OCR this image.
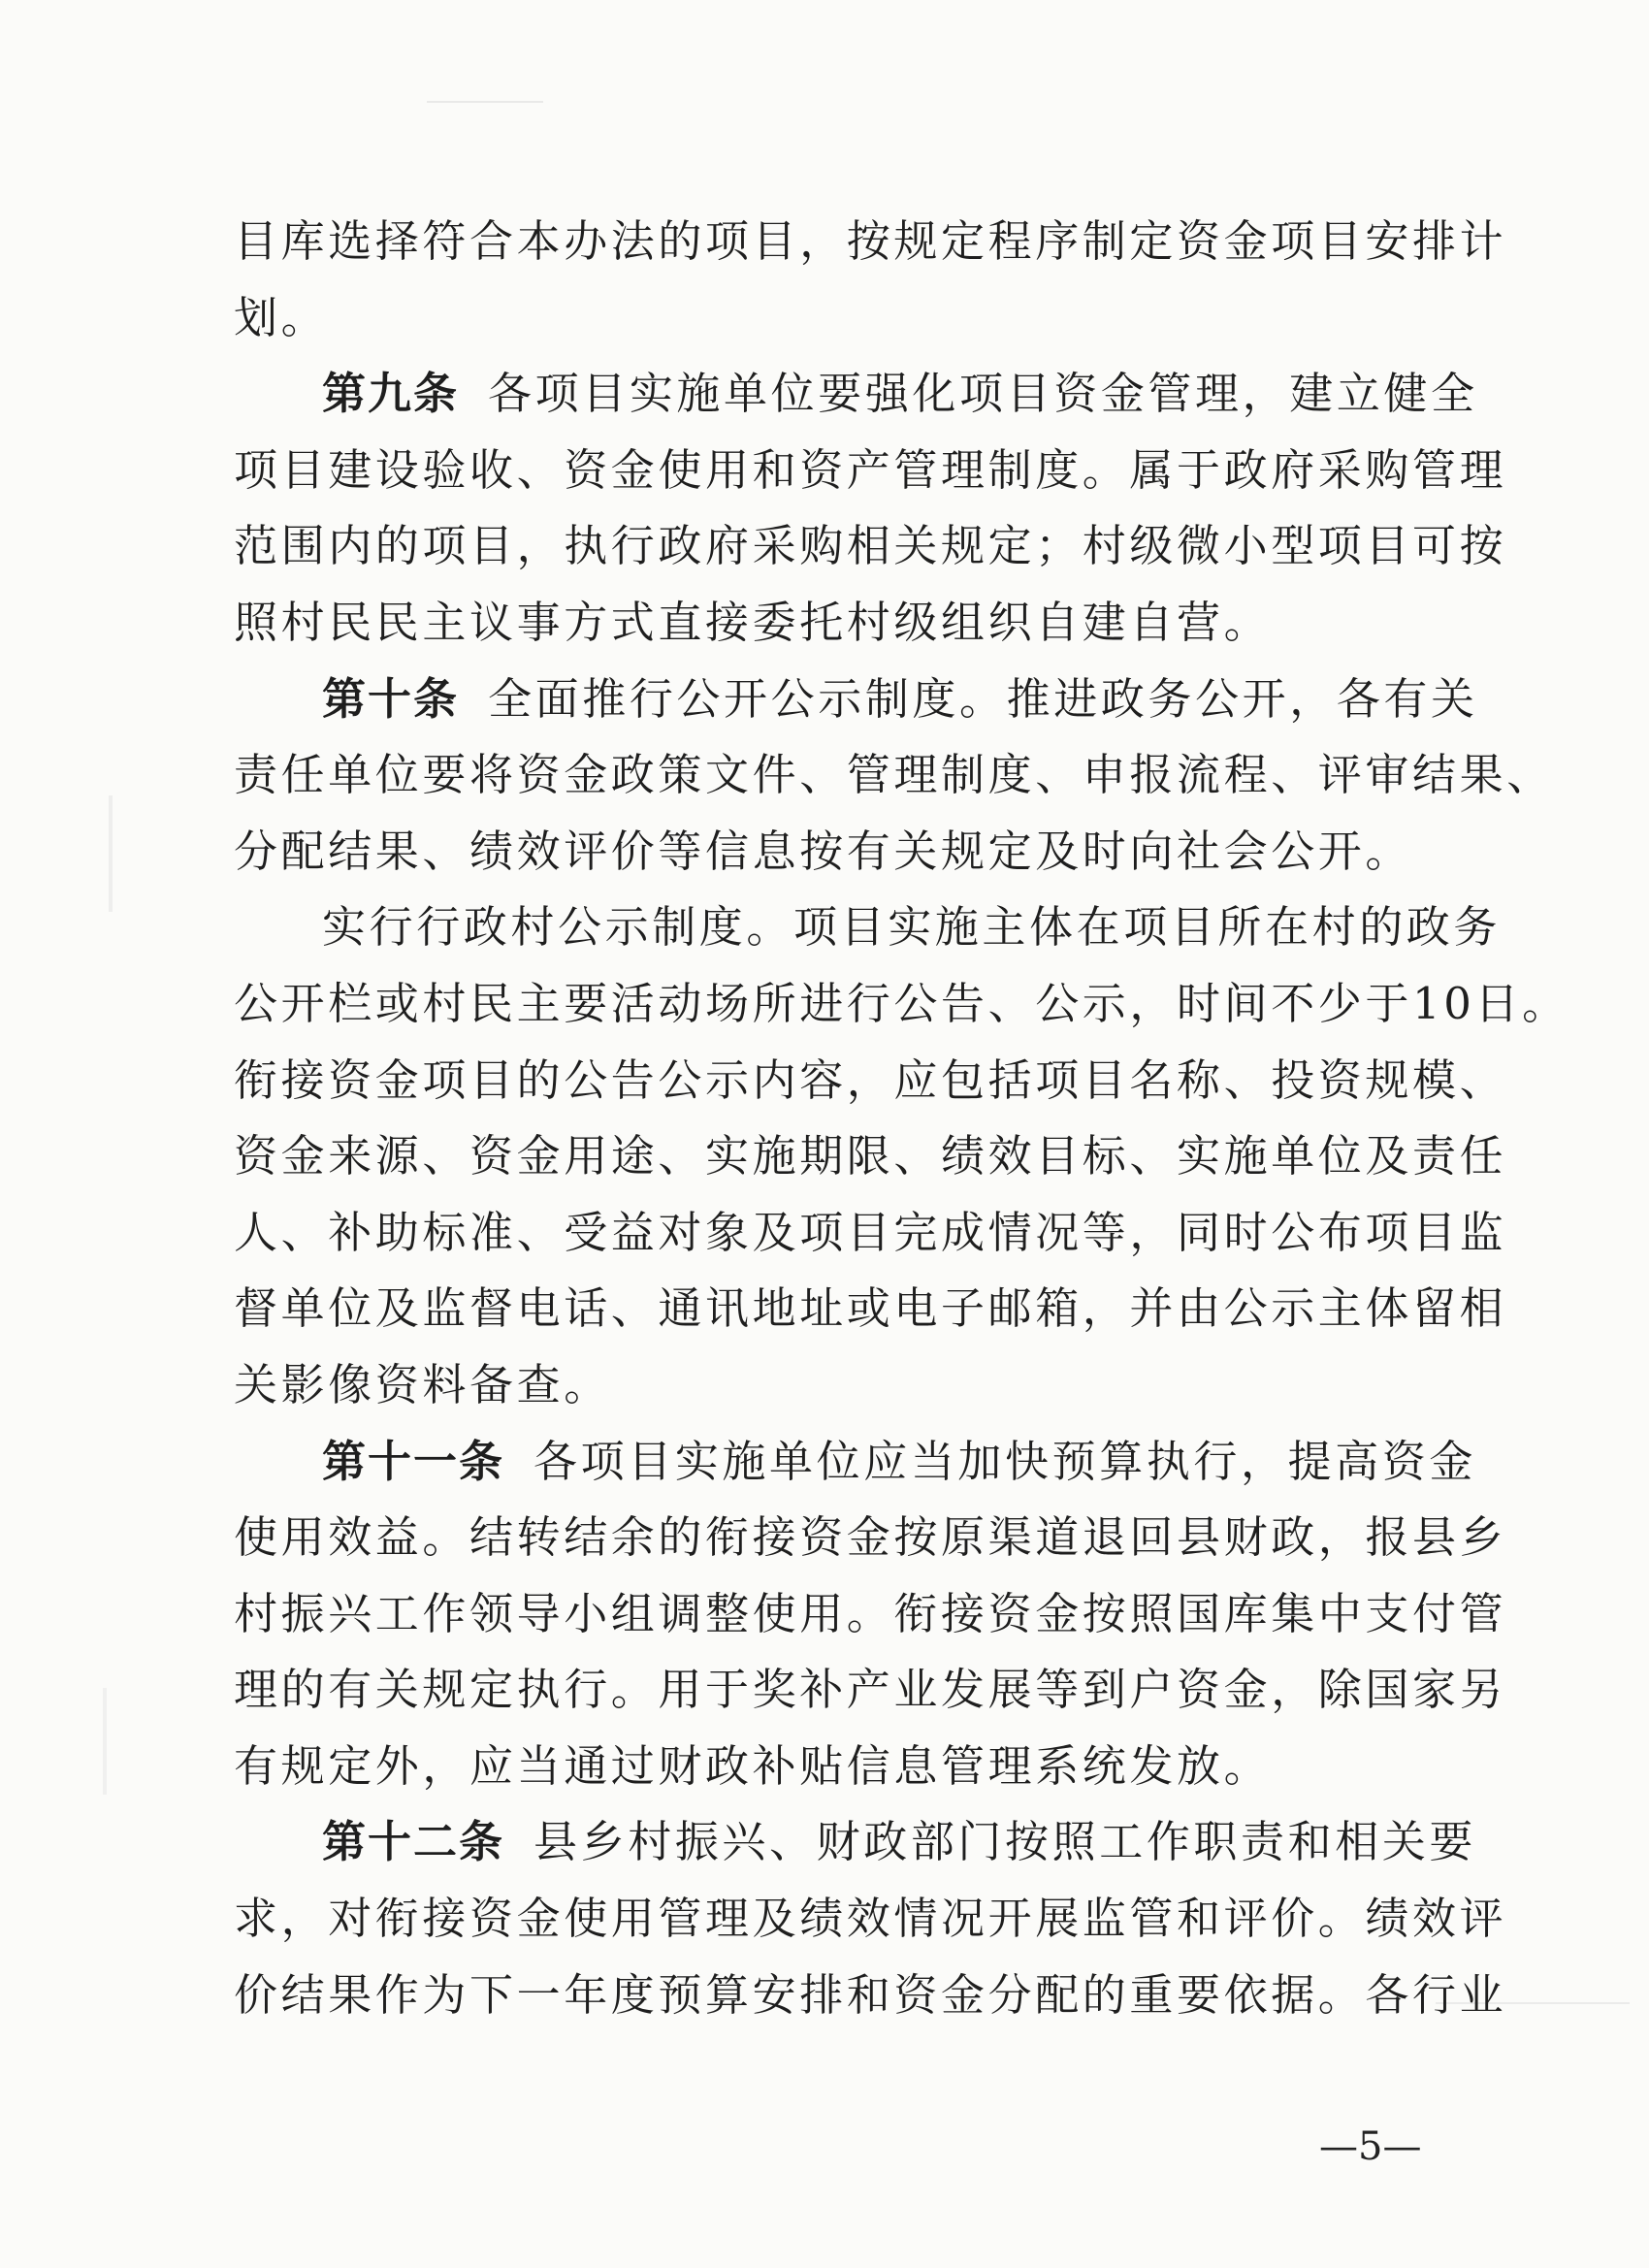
目库选择符合本办法的项目，按规定程序制定资金项目安排计
划。
第九条 各项目实施单位要强化项目资金管理，建立健全
项目建设验收、资金使用和资产管理制度。属于政府采购管理
范围内的项目，执行政府采购相关规定；村级微小型项目可按
照村民民主议事方式直接委托村级组织自建自营。
第十条 全面推行公开公示制度。推进政务公开，各有关
责任单位要将资金政策文件、管理制度、申报流程、评审结果、
分配结果、绩效评价等信息按有关规定及时向社会公开。
实行行政村公示制度。项目实施主体在项目所在村的政务
公开栏或村民主要活动场所进行公告、公示，时间不少于10日。
衔接资金项目的公告公示内容，应包括项目名称、投资规模、
资金来源、资金用途、实施期限、绩效目标、实施单位及责任
人、补助标准、受益对象及项目完成情况等，同时公布项目监
督单位及监督电话、通讯地址或电子邮箱，并由公示主体留相
关影像资料备查。
第十一条 各项目实施单位应当加快预算执行，提高资金
使用效益。结转结余的衔接资金按原渠道退回县财政，报县乡
村振兴工作领导小组调整使用。衔接资金按照国库集中支付管
理的有关规定执行。用于奖补产业发展等到户资金，除国家另
有规定外，应当通过财政补贴信息管理系统发放。
第十二条 县乡村振兴、财政部门按照工作职责和相关要
求，对衔接资金使用管理及绩效情况开展监管和评价。绩效评
价结果作为下一年度预算安排和资金分配的重要依据。各行业
—5—
